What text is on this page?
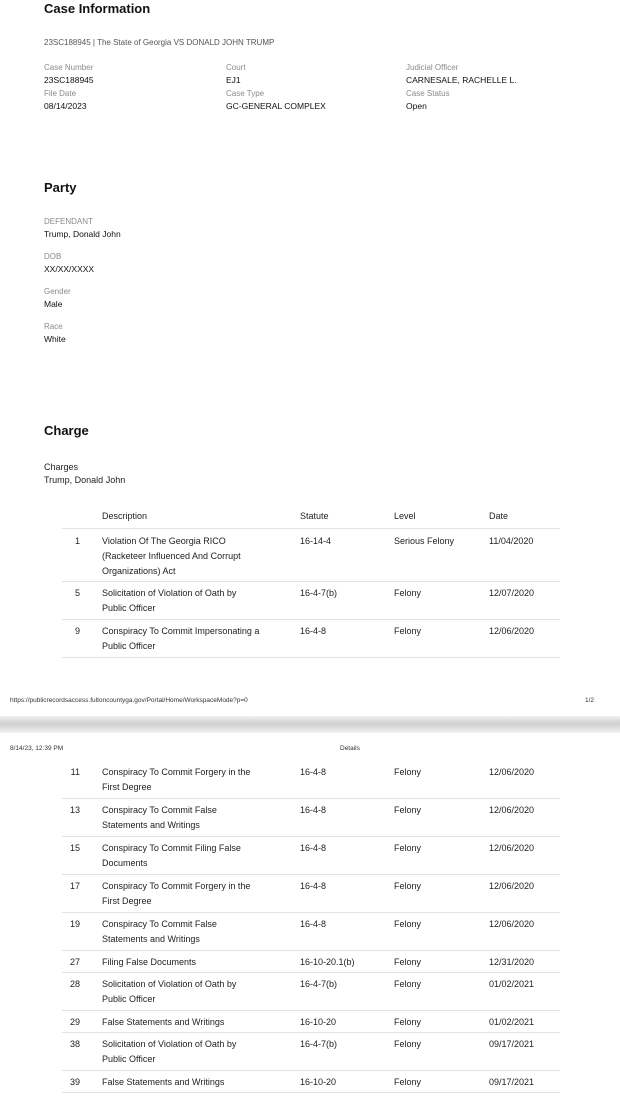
Case Information
23SC188945 | The State of Georgia VS DONALD JOHN TRUMP
Case Number
23SC188945
Court
EJ1
Judicial Officer
CARNESALE, RACHELLE L.
File Date
08/14/2023
Case Type
GC-GENERAL COMPLEX
Case Status
Open
Party
DEFENDANT
Trump, Donald John
DOB
XX/XX/XXXX
Gender
Male
Race
White
Charge
Charges
Trump, Donald John
Description	Statute	Level	Date
1 Violation Of The Georgia RICO
(Racketeer Influenced And Corrupt
Organizations) Act
16-14-4	Serious Felony	11/04/2020
5 Solicitation of Violation of Oath by
Public Officer
16-4-7(b)	Felony	12/07/2020
9 Conspiracy To Commit Impersonating a
Public Officer
16-4-8	Felony	12/06/2020
https://publicrecordsaccess.fultoncountyga.gov/Portal/Home/WorkspaceMode?p=0	1/2
8/14/23, 12:39 PM	Details
11 Conspiracy To Commit Forgery in the
First Degree
16-4-8	Felony	12/06/2020
13 Conspiracy To Commit False
Statements and Writings
16-4-8	Felony	12/06/2020
15 Conspiracy To Commit Filing False
Documents
16-4-8	Felony	12/06/2020
17 Conspiracy To Commit Forgery in the
First Degree
16-4-8	Felony	12/06/2020
19 Conspiracy To Commit False
Statements and Writings
16-4-8	Felony	12/06/2020
27 Filing False Documents	16-10-20.1(b)	Felony	12/31/2020
28 Solicitation of Violation of Oath by
Public Officer
16-4-7(b)	Felony	01/02/2021
29 False Statements and Writings	16-10-20	Felony	01/02/2021
38 Solicitation of Violation of Oath by
Public Officer
16-4-7(b)	Felony	09/17/2021
39 False Statements and Writings	16-10-20	Felony	09/17/2021
